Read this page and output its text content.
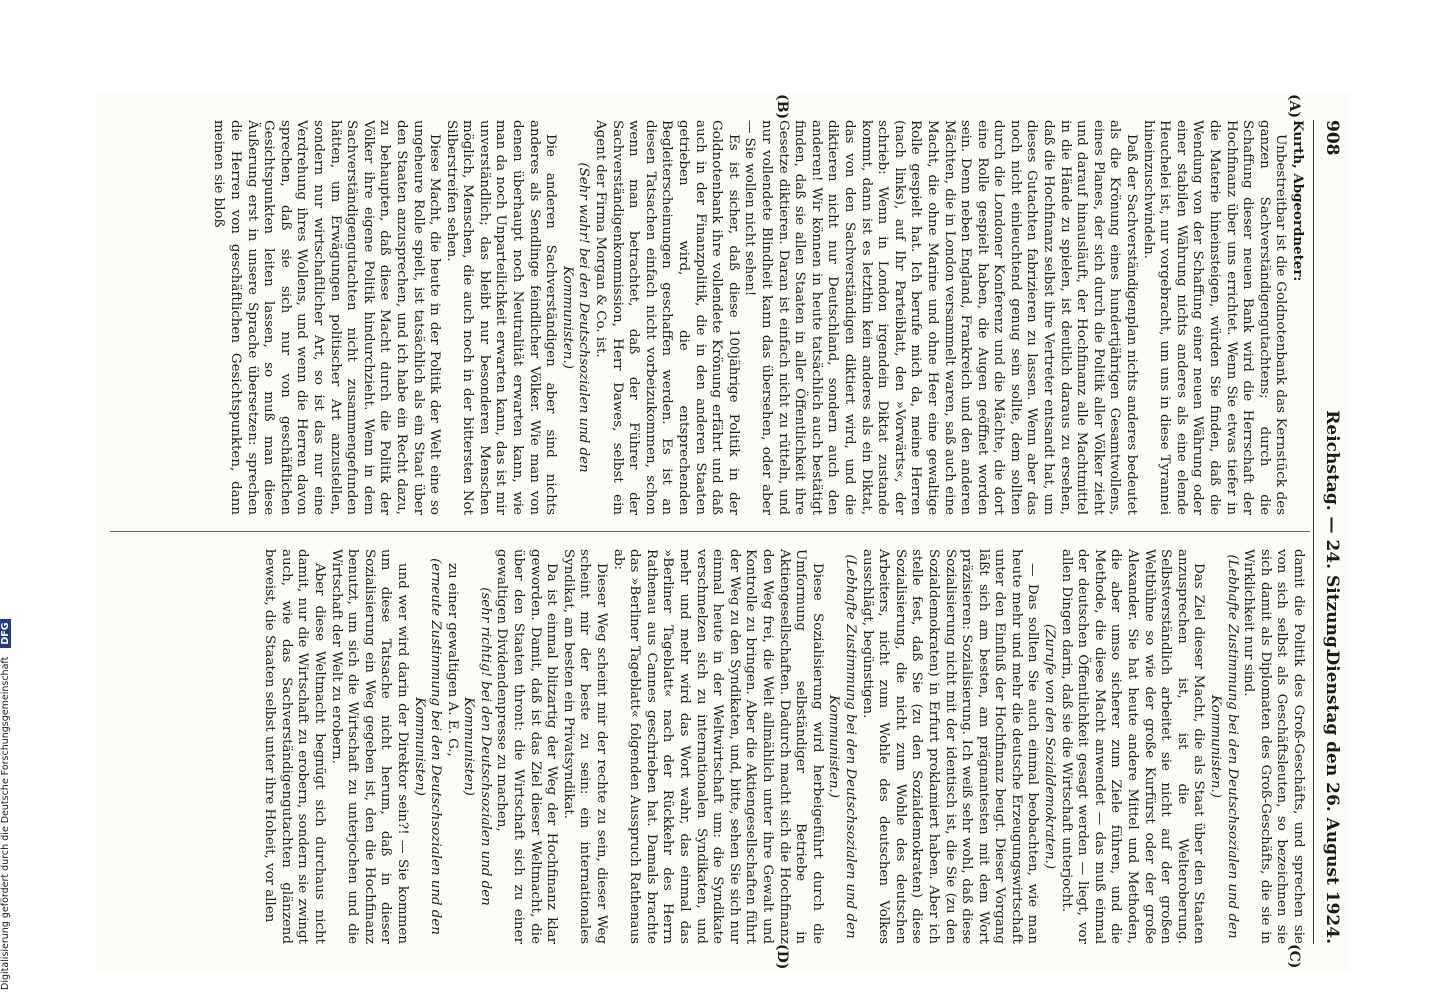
908
Reichstag. — 24. Sitzung.
Dienstag den 26. August 1924.
(A)
(B)
(C)
(D)

Kurth, Abgeordneter:

Unbestreitbar ist die Goldnotenbank das Kernstück des ganzen Sachverständigengutachtens; durch die Schaffung dieser neuen Bank wird die Herrschaft der Hochfinanz über uns errichtet. Wenn Sie etwas tiefer in die Materie hineinsteigen, würden Sie finden, daß die Wendung von der Schaffung einer neuen Währung oder einer stabilen Währung nichts anderes als eine elende Heuchelei ist, nur vorgebracht, um uns in diese Tyrannei hineinzuschwindeln.

Daß der Sachverständigenplan nichts anderes bedeutet als die Krönung eines hundertjährigen Gesamtwollens, eines Planes, der sich durch die Politik aller Völker zieht und darauf hinausläuft, der Hochfinanz alle Machtmittel in die Hände zu spielen, ist deutlich daraus zu ersehen, daß die Hochfinanz selbst ihre Vertreter entsandt hat, um dieses Gutachten fabrizieren zu lassen. Wenn aber das noch nicht einleuchtend genug sein sollte, dem sollten durch die Londoner Konferenz und die Mächte, die dort eine Rolle gespielt haben, die Augen geöffnet worden sein. Denn neben England, Frankreich und den anderen Mächten, die in London versammelt waren, saß auch eine Macht, die ohne Marine und ohne Heer eine gewaltige Rolle gespielt hat. Ich berufe mich da, meine Herren (nach links), auf Ihr Parteiblatt, den »Vorwärts«, der schrieb: Wenn in London irgendein Diktat zustande kommt, dann ist es letzthin kein anderes als ein Diktat, das von den Sachverständigen diktiert wird, und die diktieren nicht nur Deutschland, sondern auch den anderen! Wir können in heute tatsächlich auch bestätigt finden, daß sie allen Staaten in aller Öffentlichkeit ihre Gesetze diktieren. Daran ist einfach nicht zu rütteln, und nur vollendete Blindheit kann das übersehen, oder aber — Sie wollen nicht sehen!

Es ist sicher, daß diese 100jährige Politik in der Goldnotenbank ihre vollendete Krönung erfährt und daß auch in der Finanzpolitik, die in den anderen Staaten getrieben wird, die entsprechenden Begleiterscheinungen geschaffen werden. Es ist an diesen Tatsachen einfach nicht vorbeizukommen, schon wenn man betrachtet, daß der Führer der Sachverständigenkommission, Herr Dawes, selbst ein Agent der Firma Morgan & Co. ist.

(Sehr wahr! bei den Deutschsozialen und den Kommunisten.)

Die anderen Sachverständigen aber sind nichts anderes als Sendlinge feindlicher Völker. Wie man von denen überhaupt noch Neutralität erwarten kann, wie man da noch Unparteilichkeit erwarten kann, das ist mir unverständlich; das bleibt nur besonderen Menschen möglich, Menschen, die auch noch in der bittersten Not Silberstreifen sehen.

Diese Macht, die heute in der Politik der Welt eine so ungeheure Rolle spielt, ist tatsächlich als ein Staat über den Staaten anzusprechen, und ich habe ein Recht dazu, zu behaupten, daß diese Macht durch die Politik der Völker ihre eigene Politik hindurchzieht. Wenn in dem Sachverständigengutachten nicht zusammengefunden hätten, um Erwägungen politischer Art anzustellen, sondern nur wirtschaftlicher Art, so ist das nur eine Verdrehung ihres Wollens, und wenn die Herren davon sprechen, daß sie sich nur von geschäftlichen Gesichtspunkten leiten lassen, so muß man diese Äußerung erst in unsere Sprache übersetzen: sprechen die Herren von geschäftlichen Gesichtspunkten, dann meinen sie bloß

damit die Politik des Groß-Geschäfts, und sprechen sie von sich selbst als Geschäftsleuten, so bezeichnen sie sich damit als Diplomaten des Groß-Geschäfts, die sie in Wirklichkeit nur sind.

(Lebhafte Zustimmung bei den Deutschsozialen und den Kommunisten.)

Das Ziel dieser Macht, die als Staat über den Staaten anzusprechen ist, ist die Welteroberung. Selbstverständlich arbeitet sie nicht auf der großen Weltbühne so wie der große Kurfürst oder der große Alexander. Sie hat heute andere Mittel und Methoden, die aber umso sicherer zum Ziele führen, und die Methode, die diese Macht anwendet — das muß einmal der deutschen Öffentlichkeit gesagt werden — liegt, vor allen Dingen darin, daß sie die Wirtschaft unterjocht.

(Zurufe von den Sozialdemokraten.)

— Das sollten Sie auch einmal beobachten, wie man heute mehr und mehr die deutsche Erzeugungswirtschaft unter den Einfluß der Hochfinanz beugt. Dieser Vorgang läßt sich am besten, am prägnantesten mit dem Wort präzisieren: Sozialisierung. Ich weiß sehr wohl, daß diese Sozialisierung nicht mit der identisch ist, die Sie (zu den Sozialdemokraten) in Erfurt proklamiert haben. Aber ich stelle fest, daß Sie (zu den Sozialdemokraten) diese Sozialisierung, die nicht zum Wohle des deutschen Arbeiters, nicht zum Wohle des deutschen Volkes ausschlägt, begünstigen.

(Lebhafte Zustimmung bei den Deutschsozialen und den Kommunisten.)

Diese Sozialisierung wird herbeigeführt durch die Umformung selbständiger Betriebe in Aktiengesellschaften. Dadurch macht sich die Hochfinanz den Weg frei, die Welt allmählich unter ihre Gewalt und Kontrolle zu bringen. Aber die Aktiengesellschaften führt der Weg zu den Syndikaten, und, bitte, sehen Sie sich nur einmal heute in der Weltwirtschaft um: die Syndikate verschmelzen sich zu internationalen Syndikaten, und mehr und mehr wird das Wort wahr, das einmal das »Berliner Tageblatt« nach der Rückkehr des Herrn Rathenau aus Cannes geschrieben hat. Damals brachte das »Berliner Tageblatt« folgenden Ausspruch Rathenaus ab:

Dieser Weg scheint mir der rechte zu sein, dieser Weg scheint mir der beste zu sein: ein internationales Syndikat, am besten ein Privatsyndikat.

Da ist einmal blitzartig der Weg der Hochfinanz klar geworden. Damit, daß ist das Ziel dieser Weltmacht, die über den Staaten thront: die Wirtschaft sich zu einer gewaltigen Dividendenpresse zu machen,

(sehr richtig! bei den Deutschsozialen und den Kommunisten)

zu einer gewaltigen A. E. G.,

(erneute Zustimmung bei den Deutschsozialen und den Kommunisten)

und wer wird darin der Direktor sein?! — Sie kommen um diese Tatsache nicht herum, daß in dieser Sozialisierung ein Weg gegeben ist, den die Hochfinanz benutzt, um sich die Wirtschaft zu unterjochen und die Wirtschaft der Welt zu erobern.

Aber diese Weltmacht begnügt sich durchaus nicht damit, nur die Wirtschaft zu erobern, sondern sie zwingt auch, wie das Sachverständigengutachten glänzend beweist, die Staaten selbst unter ihre Hoheit, vor allen

Digitalisierung gefördert durch die Deutsche Forschungsgemeinschaft DFG
